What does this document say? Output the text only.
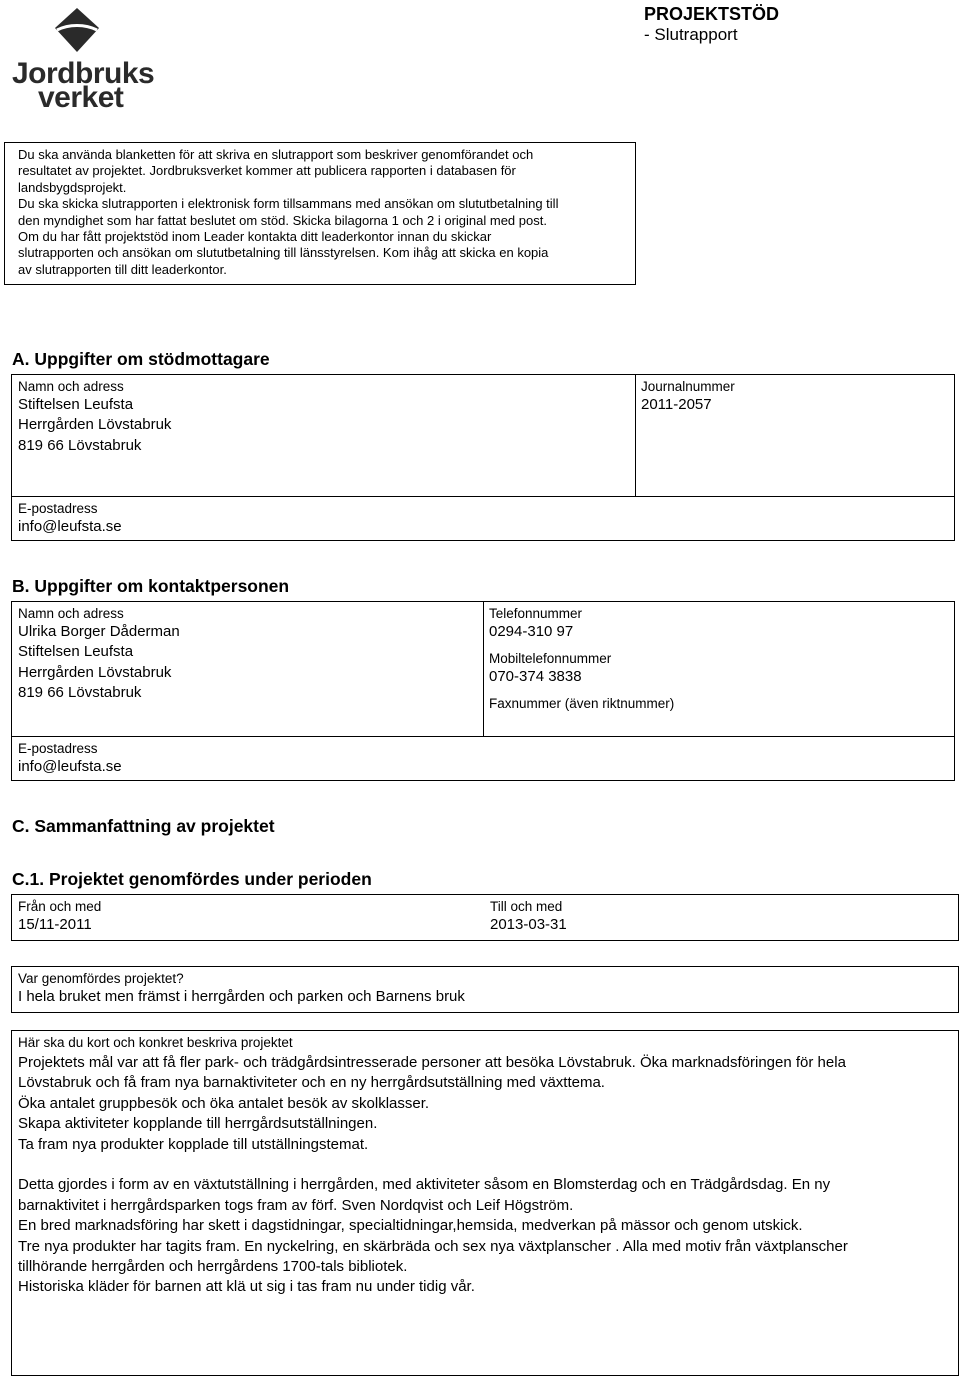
Jordbruks
verket
PROJEKTSTÖD
- Slutrapport
Du ska använda blanketten för att skriva en slutrapport som beskriver genomförandet och
resultatet av projektet. Jordbruksverket kommer att publicera rapporten i databasen för
landsbygdsprojekt.
Du ska skicka slutrapporten i elektronisk form tillsammans med ansökan om slututbetalning till
den myndighet som har fattat beslutet om stöd. Skicka bilagorna 1 och 2 i original med post.
Om du har fått projektstöd inom Leader kontakta ditt leaderkontor innan du skickar
slutrapporten och ansökan om slututbetalning till länsstyrelsen. Kom ihåg att skicka en kopia
av slutrapporten till ditt leaderkontor.
A. Uppgifter om stödmottagare
Namn och adress
Stiftelsen Leufsta
Herrgården Lövstabruk
819 66 Lövstabruk
Journalnummer
2011-2057
E-postadress
info@leufsta.se
B. Uppgifter om kontaktpersonen
Namn och adress
Ulrika Borger Dåderman
Stiftelsen Leufsta
Herrgården Lövstabruk
819 66 Lövstabruk
Telefonnummer
0294-310 97
Mobiltelefonnummer
070-374 3838
Faxnummer (även riktnummer)
E-postadress
info@leufsta.se
C. Sammanfattning av projektet
C.1. Projektet genomfördes under perioden
Från och med
15/11-2011
Till och med
2013-03-31
Var genomfördes projektet?
I hela bruket men främst i herrgården och parken och Barnens bruk
Här ska du kort och konkret beskriva projektet
Projektets mål var att få fler park- och trädgårdsintresserade personer att besöka Lövstabruk. Öka marknadsföringen för hela
Lövstabruk och få fram nya barnaktiviteter och en ny herrgårdsutställning med växttema.
Öka antalet gruppbesök och öka antalet besök av skolklasser.
Skapa aktiviteter kopplande till herrgårdsutställningen.
Ta fram nya produkter kopplade till utställningstemat.

Detta gjordes i form av en växtutställning i herrgården, med aktiviteter såsom en Blomsterdag och en Trädgårdsdag. En ny
barnaktivitet i herrgårdsparken togs fram av förf. Sven Nordqvist och Leif Högström.
En bred marknadsföring har skett i dagstidningar, specialtidningar,hemsida, medverkan på mässor och genom utskick.
Tre nya produkter har tagits fram. En nyckelring, en skärbräda och sex nya växtplanscher . Alla med motiv från växtplanscher
tillhörande herrgården och herrgårdens 1700-tals bibliotek.
Historiska kläder för barnen att klä ut sig i tas fram nu under tidig vår.
